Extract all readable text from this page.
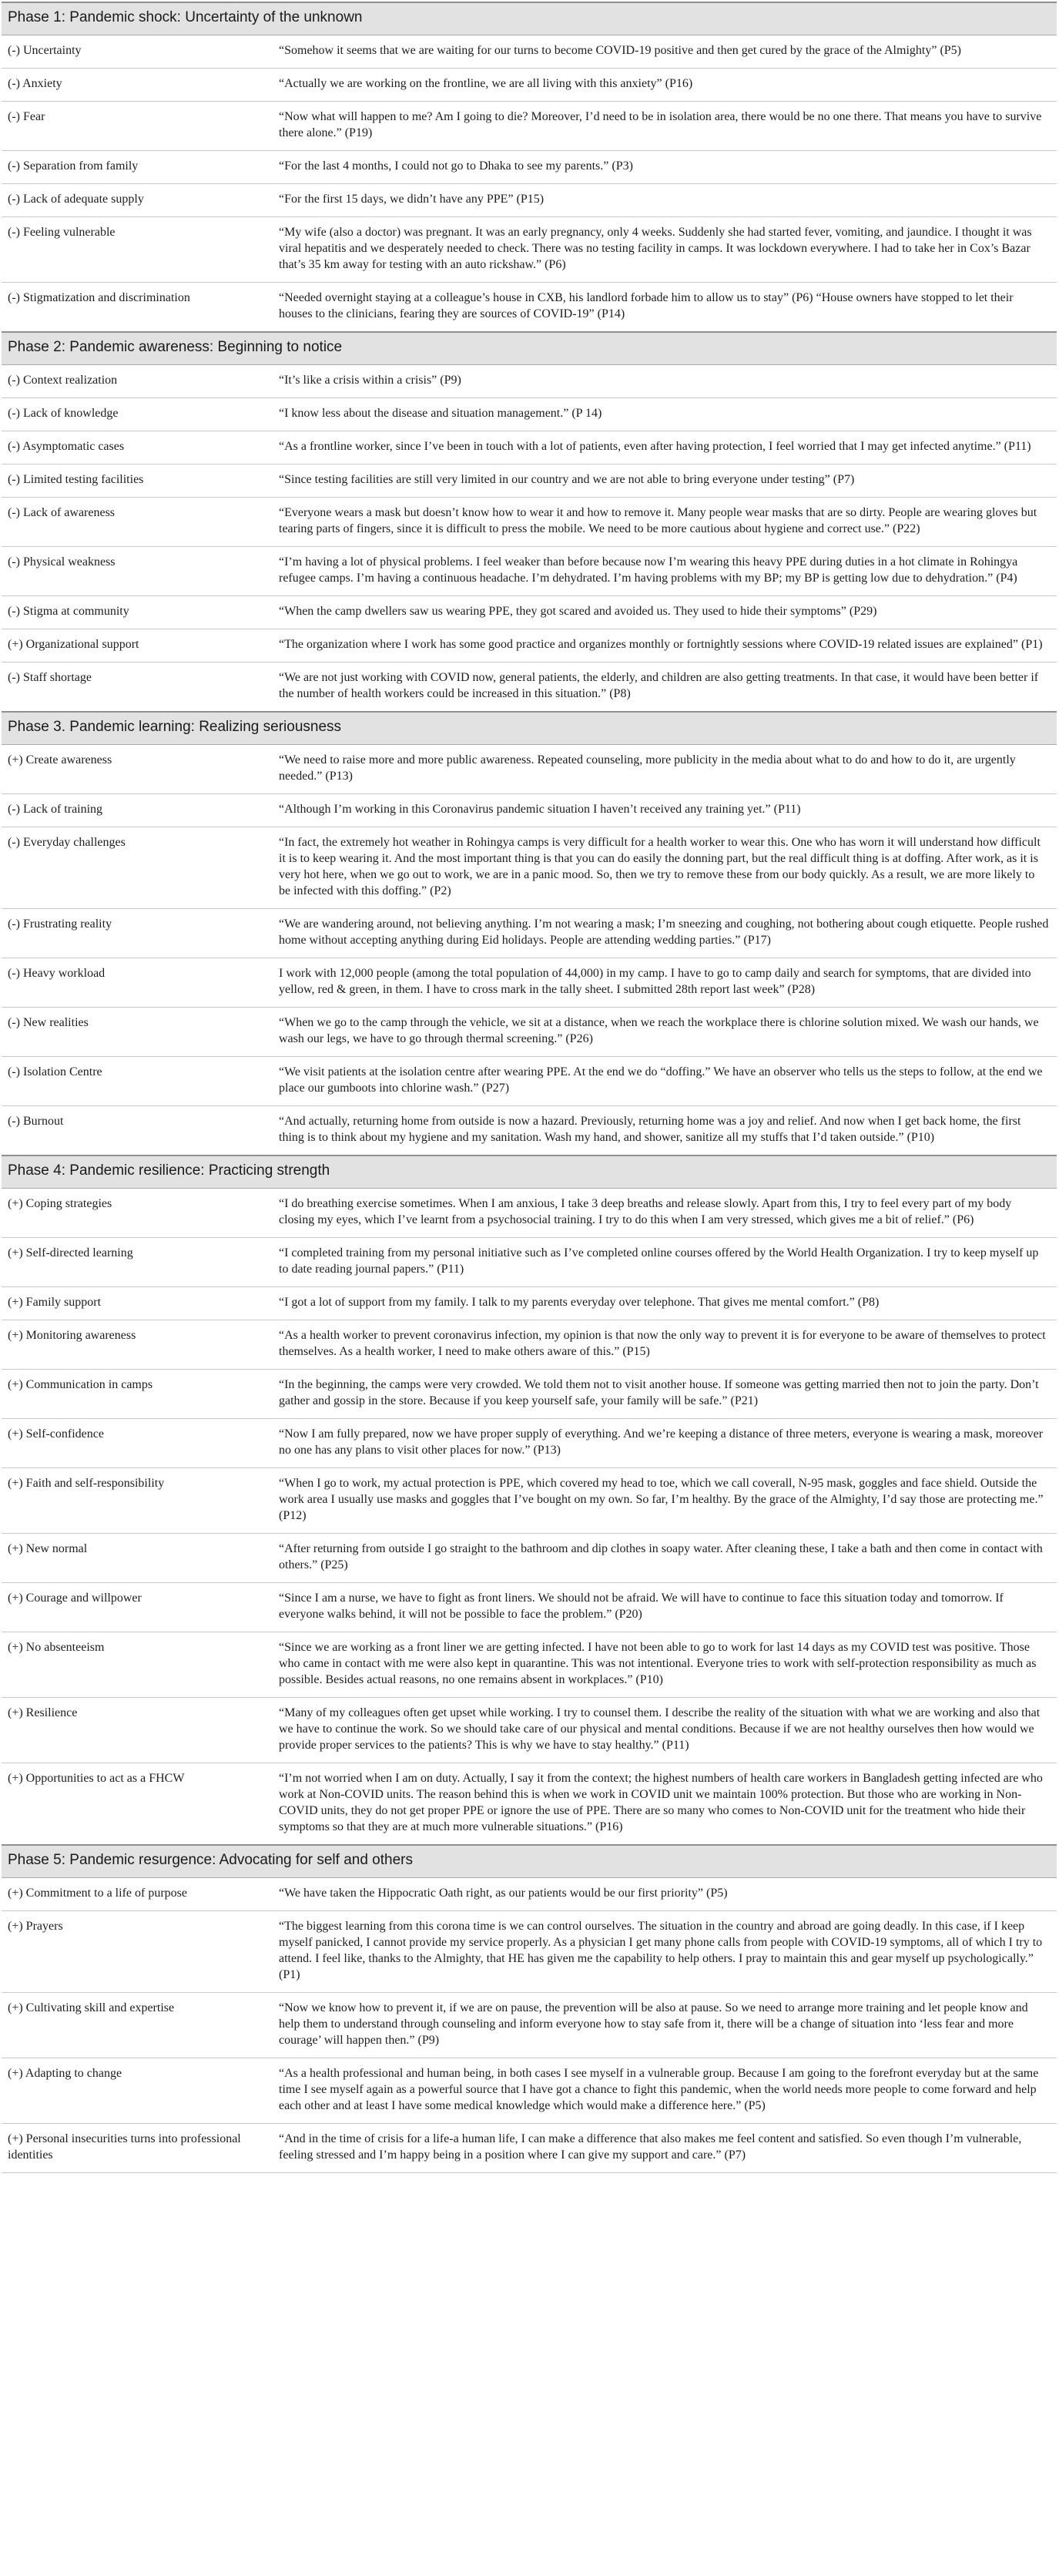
Phase 1: Pandemic shock: Uncertainty of the unknown	
(-) Uncertainty	“Somehow it seems that we are waiting for our turns to become COVID-19 positive and then get cured by the grace of the Almighty” (P5)
(-) Anxiety	“Actually we are working on the frontline, we are all living with this anxiety” (P16)
(-) Fear	“Now what will happen to me? Am I going to die? Moreover, I’d need to be in isolation area, there would be no one there. That means you have to survive there alone.” (P19)
(-) Separation from family	“For the last 4 months, I could not go to Dhaka to see my parents.” (P3)
(-) Lack of adequate supply	“For the first 15 days, we didn’t have any PPE” (P15)
(-) Feeling vulnerable	“My wife (also a doctor) was pregnant. It was an early pregnancy, only 4 weeks. Suddenly she had started fever, vomiting, and jaundice. I thought it was viral hepatitis and we desperately needed to check. There was no testing facility in camps. It was lockdown everywhere. I had to take her in Cox’s Bazar that’s 35 km away for testing with an auto rickshaw.” (P6)
(-) Stigmatization and discrimination	“Needed overnight staying at a colleague’s house in CXB, his landlord forbade him to allow us to stay” (P6) “House owners have stopped to let their houses to the clinicians, fearing they are sources of COVID-19” (P14)
Phase 2: Pandemic awareness: Beginning to notice	
(-) Context realization	“It’s like a crisis within a crisis” (P9)
(-) Lack of knowledge	“I know less about the disease and situation management.” (P 14)
(-) Asymptomatic cases	“As a frontline worker, since I’ve been in touch with a lot of patients, even after having protection, I feel worried that I may get infected anytime.” (P11)
(-) Limited testing facilities	“Since testing facilities are still very limited in our country and we are not able to bring everyone under testing” (P7)
(-) Lack of awareness	“Everyone wears a mask but doesn’t know how to wear it and how to remove it. Many people wear masks that are so dirty. People are wearing gloves but tearing parts of fingers, since it is difficult to press the mobile. We need to be more cautious about hygiene and correct use.” (P22)
(-) Physical weakness	“I’m having a lot of physical problems. I feel weaker than before because now I’m wearing this heavy PPE during duties in a hot climate in Rohingya refugee camps. I’m having a continuous headache. I’m dehydrated. I’m having problems with my BP; my BP is getting low due to dehydration.” (P4)
(-) Stigma at community	“When the camp dwellers saw us wearing PPE, they got scared and avoided us. They used to hide their symptoms” (P29)
(+) Organizational support	“The organization where I work has some good practice and organizes monthly or fortnightly sessions where COVID-19 related issues are explained” (P1)
(-) Staff shortage	“We are not just working with COVID now, general patients, the elderly, and children are also getting treatments. In that case, it would have been better if the number of health workers could be increased in this situation.” (P8)
Phase 3. Pandemic learning: Realizing seriousness	
(+) Create awareness	“We need to raise more and more public awareness. Repeated counseling, more publicity in the media about what to do and how to do it, are urgently needed.” (P13)
(-) Lack of training	“Although I’m working in this Coronavirus pandemic situation I haven’t received any training yet.” (P11)
(-) Everyday challenges	“In fact, the extremely hot weather in Rohingya camps is very difficult for a health worker to wear this. One who has worn it will understand how difficult it is to keep wearing it. And the most important thing is that you can do easily the donning part, but the real difficult thing is at doffing. After work, as it is very hot here, when we go out to work, we are in a panic mood. So, then we try to remove these from our body quickly. As a result, we are more likely to be infected with this doffing.” (P2)
(-) Frustrating reality	“We are wandering around, not believing anything. I’m not wearing a mask; I’m sneezing and coughing, not bothering about cough etiquette. People rushed home without accepting anything during Eid holidays. People are attending wedding parties.” (P17)
(-) Heavy workload	I work with 12,000 people (among the total population of 44,000) in my camp. I have to go to camp daily and search for symptoms, that are divided into yellow, red & green, in them. I have to cross mark in the tally sheet. I submitted 28th report last week” (P28)
(-) New realities	“When we go to the camp through the vehicle, we sit at a distance, when we reach the workplace there is chlorine solution mixed. We wash our hands, we wash our legs, we have to go through thermal screening.” (P26)
(-) Isolation Centre	“We visit patients at the isolation centre after wearing PPE. At the end we do “doffing.” We have an observer who tells us the steps to follow, at the end we place our gumboots into chlorine wash.” (P27)
(-) Burnout	“And actually, returning home from outside is now a hazard. Previously, returning home was a joy and relief. And now when I get back home, the first thing is to think about my hygiene and my sanitation. Wash my hand, and shower, sanitize all my stuffs that I’d taken outside.” (P10)
Phase 4: Pandemic resilience: Practicing strength	
(+) Coping strategies	“I do breathing exercise sometimes. When I am anxious, I take 3 deep breaths and release slowly. Apart from this, I try to feel every part of my body closing my eyes, which I’ve learnt from a psychosocial training. I try to do this when I am very stressed, which gives me a bit of relief.” (P6)
(+) Self-directed learning	“I completed training from my personal initiative such as I’ve completed online courses offered by the World Health Organization. I try to keep myself up to date reading journal papers.” (P11)
(+) Family support	“I got a lot of support from my family. I talk to my parents everyday over telephone. That gives me mental comfort.” (P8)
(+) Monitoring awareness	“As a health worker to prevent coronavirus infection, my opinion is that now the only way to prevent it is for everyone to be aware of themselves to protect themselves. As a health worker, I need to make others aware of this.” (P15)
(+) Communication in camps	“In the beginning, the camps were very crowded. We told them not to visit another house. If someone was getting married then not to join the party. Don’t gather and gossip in the store. Because if you keep yourself safe, your family will be safe.” (P21)
(+) Self-confidence	“Now I am fully prepared, now we have proper supply of everything. And we’re keeping a distance of three meters, everyone is wearing a mask, moreover no one has any plans to visit other places for now.” (P13)
(+) Faith and self-responsibility	“When I go to work, my actual protection is PPE, which covered my head to toe, which we call coverall, N-95 mask, goggles and face shield. Outside the work area I usually use masks and goggles that I’ve bought on my own. So far, I’m healthy. By the grace of the Almighty, I’d say those are protecting me.” (P12)
(+) New normal	“After returning from outside I go straight to the bathroom and dip clothes in soapy water. After cleaning these, I take a bath and then come in contact with others.” (P25)
(+) Courage and willpower	“Since I am a nurse, we have to fight as front liners. We should not be afraid. We will have to continue to face this situation today and tomorrow. If everyone walks behind, it will not be possible to face the problem.” (P20)
(+) No absenteeism	“Since we are working as a front liner we are getting infected. I have not been able to go to work for last 14 days as my COVID test was positive. Those who came in contact with me were also kept in quarantine. This was not intentional. Everyone tries to work with self-protection responsibility as much as possible. Besides actual reasons, no one remains absent in workplaces.” (P10)
(+) Resilience	“Many of my colleagues often get upset while working. I try to counsel them. I describe the reality of the situation with what we are working and also that we have to continue the work. So we should take care of our physical and mental conditions. Because if we are not healthy ourselves then how would we provide proper services to the patients? This is why we have to stay healthy.” (P11)
(+) Opportunities to act as a FHCW	“I’m not worried when I am on duty. Actually, I say it from the context; the highest numbers of health care workers in Bangladesh getting infected are who work at Non-COVID units. The reason behind this is when we work in COVID unit we maintain 100% protection. But those who are working in Non-COVID units, they do not get proper PPE or ignore the use of PPE. There are so many who comes to Non-COVID unit for the treatment who hide their symptoms so that they are at much more vulnerable situations.” (P16)
Phase 5: Pandemic resurgence: Advocating for self and others	
(+) Commitment to a life of purpose	“We have taken the Hippocratic Oath right, as our patients would be our first priority” (P5)
(+) Prayers	“The biggest learning from this corona time is we can control ourselves. The situation in the country and abroad are going deadly. In this case, if I keep myself panicked, I cannot provide my service properly. As a physician I get many phone calls from people with COVID-19 symptoms, all of which I try to attend. I feel like, thanks to the Almighty, that HE has given me the capability to help others. I pray to maintain this and gear myself up psychologically.” (P1)
(+) Cultivating skill and expertise	“Now we know how to prevent it, if we are on pause, the prevention will be also at pause. So we need to arrange more training and let people know and help them to understand through counseling and inform everyone how to stay safe from it, there will be a change of situation into ‘less fear and more courage’ will happen then.” (P9)
(+) Adapting to change	“As a health professional and human being, in both cases I see myself in a vulnerable group. Because I am going to the forefront everyday but at the same time I see myself again as a powerful source that I have got a chance to fight this pandemic, when the world needs more people to come forward and help each other and at least I have some medical knowledge which would make a difference here.” (P5)
(+) Personal insecurities turns into professional identities	“And in the time of crisis for a life-a human life, I can make a difference that also makes me feel content and satisfied. So even though I’m vulnerable, feeling stressed and I’m happy being in a position where I can give my support and care.” (P7)
